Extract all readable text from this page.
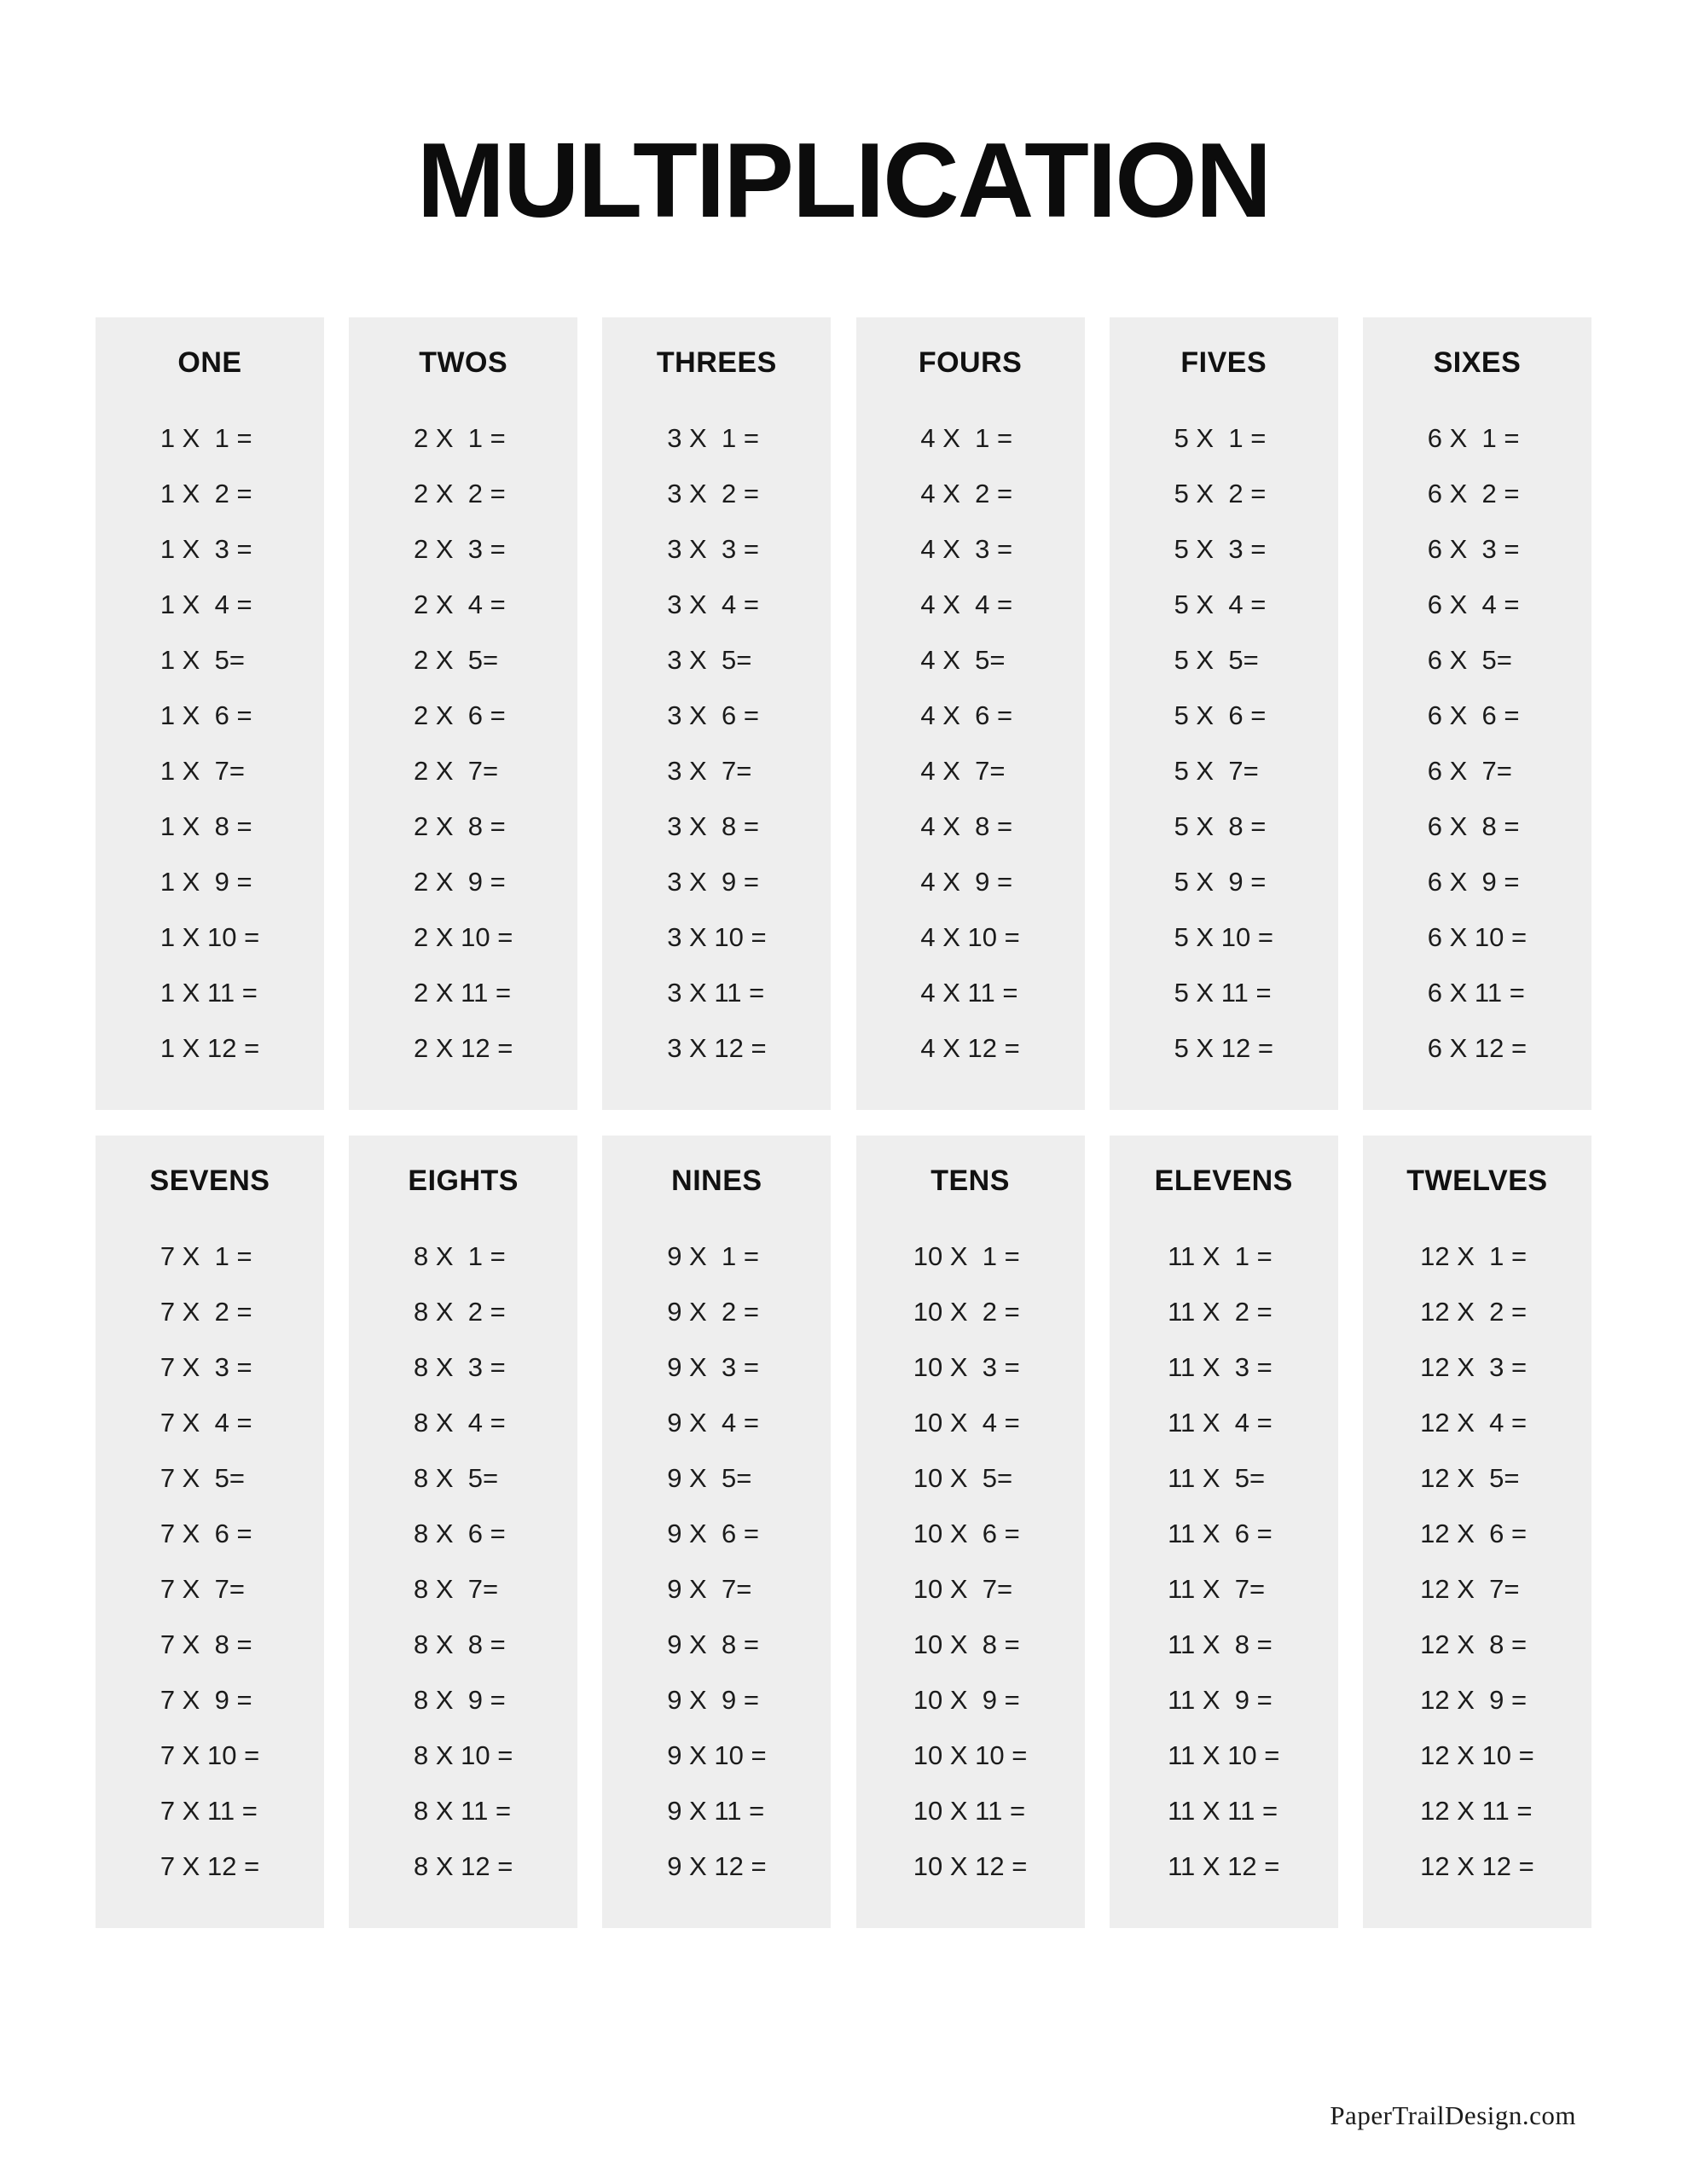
MULTIPLICATION
ONE
1 X  1 =
1 X  2 =
1 X  3 =
1 X  4 =
1 X  5=
1 X  6 =
1 X  7=
1 X  8 =
1 X  9 =
1 X 10 =
1 X 11 =
1 X 12 =
TWOS
2 X  1 =
2 X  2 =
2 X  3 =
2 X  4 =
2 X  5=
2 X  6 =
2 X  7=
2 X  8 =
2 X  9 =
2 X 10 =
2 X 11 =
2 X 12 =
THREES
3 X  1 =
3 X  2 =
3 X  3 =
3 X  4 =
3 X  5=
3 X  6 =
3 X  7=
3 X  8 =
3 X  9 =
3 X 10 =
3 X 11 =
3 X 12 =
FOURS
4 X  1 =
4 X  2 =
4 X  3 =
4 X  4 =
4 X  5=
4 X  6 =
4 X  7=
4 X  8 =
4 X  9 =
4 X 10 =
4 X 11 =
4 X 12 =
FIVES
5 X  1 =
5 X  2 =
5 X  3 =
5 X  4 =
5 X  5=
5 X  6 =
5 X  7=
5 X  8 =
5 X  9 =
5 X 10 =
5 X 11 =
5 X 12 =
SIXES
6 X  1 =
6 X  2 =
6 X  3 =
6 X  4 =
6 X  5=
6 X  6 =
6 X  7=
6 X  8 =
6 X  9 =
6 X 10 =
6 X 11 =
6 X 12 =
SEVENS
7 X  1 =
7 X  2 =
7 X  3 =
7 X  4 =
7 X  5=
7 X  6 =
7 X  7=
7 X  8 =
7 X  9 =
7 X 10 =
7 X 11 =
7 X 12 =
EIGHTS
8 X  1 =
8 X  2 =
8 X  3 =
8 X  4 =
8 X  5=
8 X  6 =
8 X  7=
8 X  8 =
8 X  9 =
8 X 10 =
8 X 11 =
8 X 12 =
NINES
9 X  1 =
9 X  2 =
9 X  3 =
9 X  4 =
9 X  5=
9 X  6 =
9 X  7=
9 X  8 =
9 X  9 =
9 X 10 =
9 X 11 =
9 X 12 =
TENS
10 X  1 =
10 X  2 =
10 X  3 =
10 X  4 =
10 X  5=
10 X  6 =
10 X  7=
10 X  8 =
10 X  9 =
10 X 10 =
10 X 11 =
10 X 12 =
ELEVENS
11 X  1 =
11 X  2 =
11 X  3 =
11 X  4 =
11 X  5=
11 X  6 =
11 X  7=
11 X  8 =
11 X  9 =
11 X 10 =
11 X 11 =
11 X 12 =
TWELVES
12 X  1 =
12 X  2 =
12 X  3 =
12 X  4 =
12 X  5=
12 X  6 =
12 X  7=
12 X  8 =
12 X  9 =
12 X 10 =
12 X 11 =
12 X 12 =
PaperTrailDesign.com
